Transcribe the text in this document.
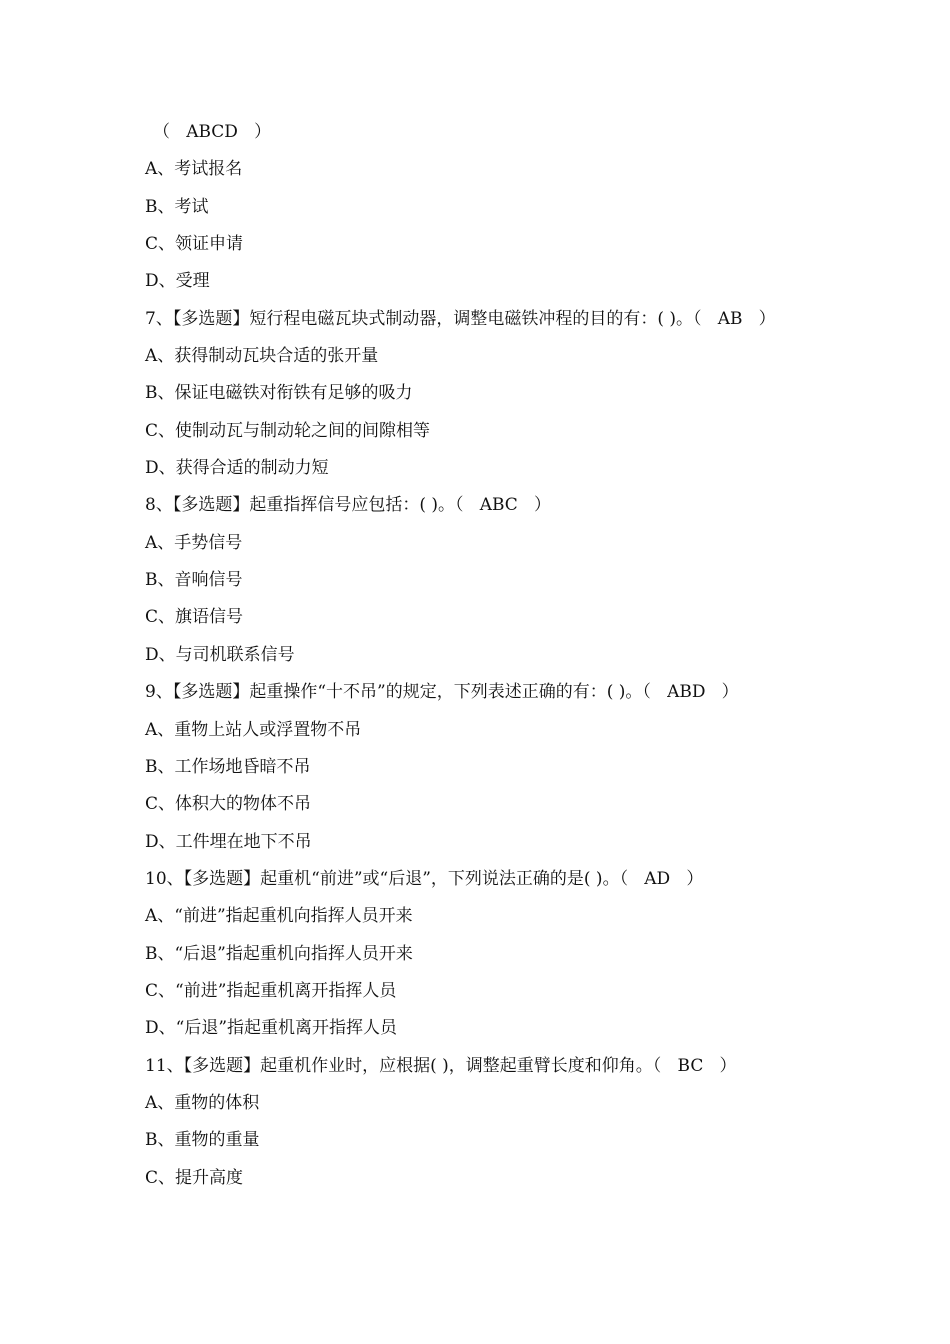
（   ABCD   ）
A、考试报名
B、考试
C、领证申请
D、受理
7、【多选题】短行程电磁瓦块式制动器，调整电磁铁冲程的目的有：( )。（   AB   ）
A、获得制动瓦块合适的张开量
B、保证电磁铁对衔铁有足够的吸力
C、使制动瓦与制动轮之间的间隙相等
D、获得合适的制动力短
8、【多选题】起重指挥信号应包括：( )。（   ABC   ）
A、手势信号
B、音响信号
C、旗语信号
D、与司机联系信号
9、【多选题】起重操作“十不吊”的规定，下列表述正确的有：( )。（   ABD   ）
A、重物上站人或浮置物不吊
B、工作场地昏暗不吊
C、体积大的物体不吊
D、工件埋在地下不吊
10、【多选题】起重机“前进”或“后退”，下列说法正确的是( )。（   AD   ）
A、“前进”指起重机向指挥人员开来
B、“后退”指起重机向指挥人员开来
C、“前进”指起重机离开指挥人员
D、“后退”指起重机离开指挥人员
11、【多选题】起重机作业时，应根据( )，调整起重臂长度和仰角。（   BC   ）
A、重物的体积
B、重物的重量
C、提升高度
